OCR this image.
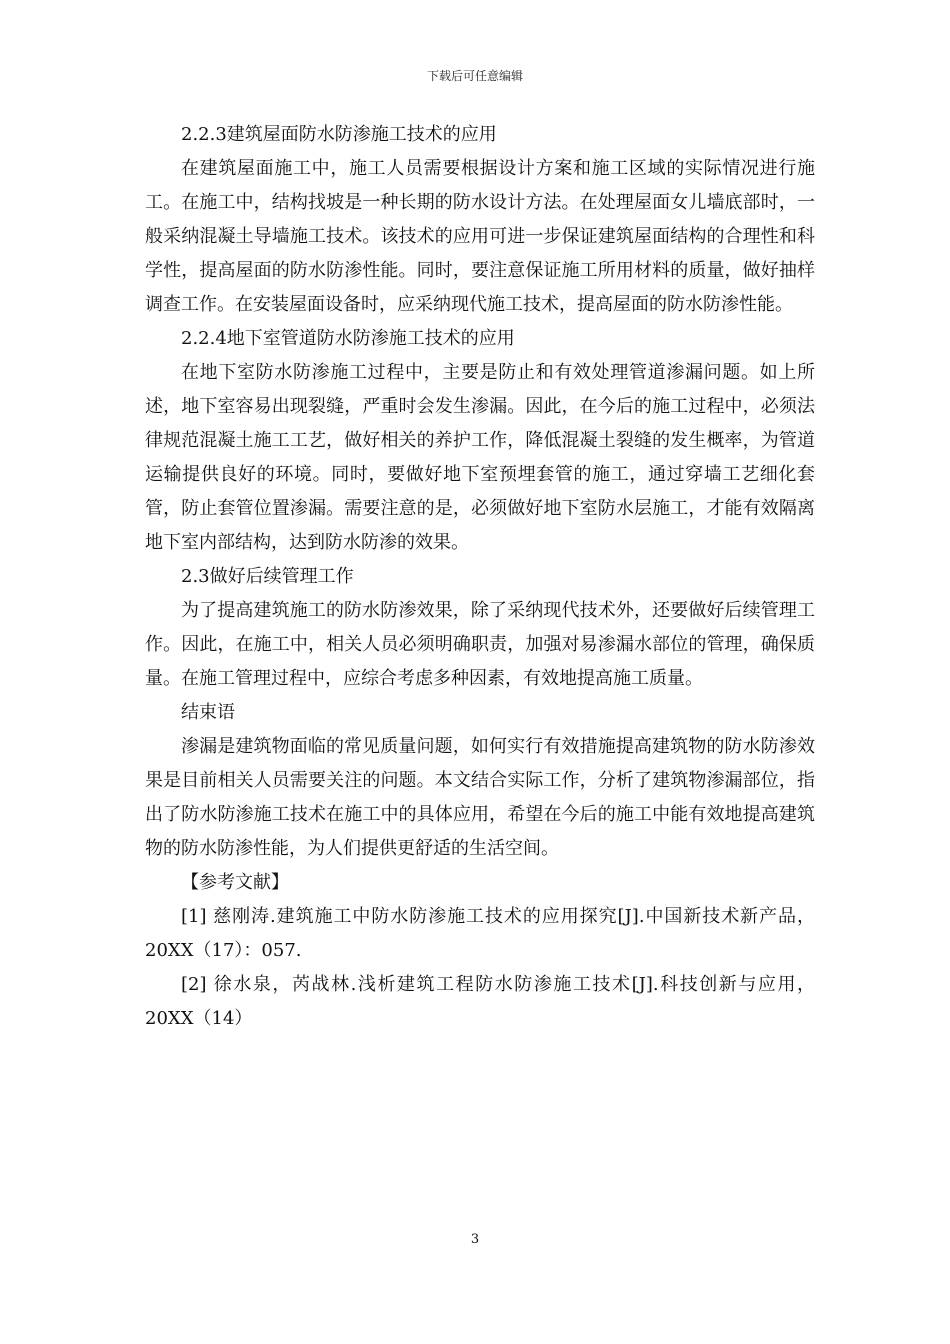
下载后可任意编辑

2.2.3建筑屋面防水防渗施工技术的应用

在建筑屋面施工中，施工人员需要根据设计方案和施工区域的实际情况进行施工。在施工中，结构找坡是一种长期的防水设计方法。在处理屋面女儿墙底部时，一般采纳混凝土导墙施工技术。该技术的应用可进一步保证建筑屋面结构的合理性和科学性，提高屋面的防水防渗性能。同时，要注意保证施工所用材料的质量，做好抽样调查工作。在安装屋面设备时，应采纳现代施工技术，提高屋面的防水防渗性能。

2.2.4地下室管道防水防渗施工技术的应用

在地下室防水防渗施工过程中，主要是防止和有效处理管道渗漏问题。如上所述，地下室容易出现裂缝，严重时会发生渗漏。因此，在今后的施工过程中，必须法律规范混凝土施工工艺，做好相关的养护工作，降低混凝土裂缝的发生概率，为管道运输提供良好的环境。同时，要做好地下室预埋套管的施工，通过穿墙工艺细化套管，防止套管位置渗漏。需要注意的是，必须做好地下室防水层施工，才能有效隔离地下室内部结构，达到防水防渗的效果。

2.3做好后续管理工作

为了提高建筑施工的防水防渗效果，除了采纳现代技术外，还要做好后续管理工作。因此，在施工中，相关人员必须明确职责，加强对易渗漏水部位的管理，确保质量。在施工管理过程中，应综合考虑多种因素，有效地提高施工质量。

结束语

渗漏是建筑物面临的常见质量问题，如何实行有效措施提高建筑物的防水防渗效果是目前相关人员需要关注的问题。本文结合实际工作，分析了建筑物渗漏部位，指出了防水防渗施工技术在施工中的具体应用，希望在今后的施工中能有效地提高建筑物的防水防渗性能，为人们提供更舒适的生活空间。

【参考文献】

[1] 慈刚涛.建筑施工中防水防渗施工技术的应用探究[J].中国新技术新产品，20XX（17）：057.

[2] 徐水泉，芮战林.浅析建筑工程防水防渗施工技术[J].科技创新与应用，20XX（14）

3
